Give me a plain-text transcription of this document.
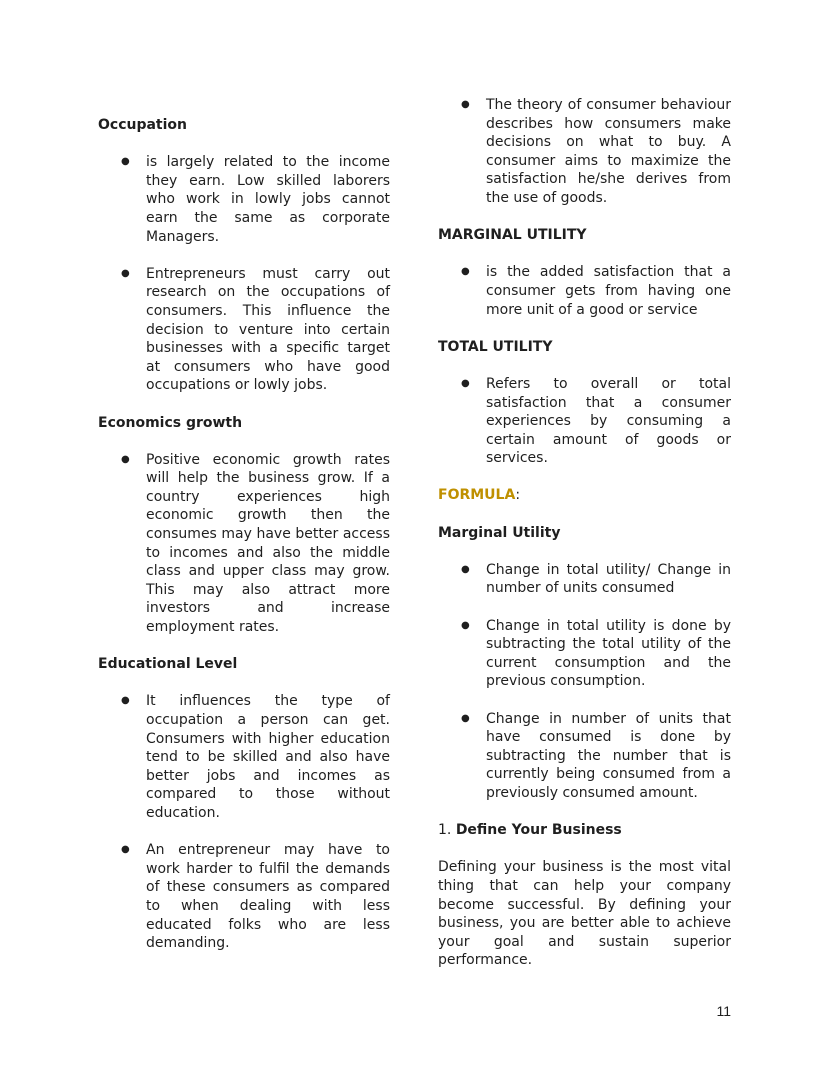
Occupation

● is largely related to the income they earn. Low skilled laborers who work in lowly jobs cannot earn the same as corporate Managers.
● Entrepreneurs must carry out research on the occupations of consumers. This influence the decision to venture into certain businesses with a specific target at consumers who have good occupations or lowly jobs.

Economics growth

● Positive economic growth rates will help the business grow. If a country experiences high economic growth then the consumes may have better access to incomes and also the middle class and upper class may grow. This may also attract more investors and increase employment rates.

Educational Level

● It influences the type of occupation a person can get. Consumers with higher education tend to be skilled and also have better jobs and incomes as compared to those without education.
● An entrepreneur may have to work harder to fulfil the demands of these consumers as compared to when dealing with less educated folks who are less demanding.
● The theory of consumer behaviour describes how consumers make decisions on what to buy. A consumer aims to maximize the satisfaction he/she derives from the use of goods.

MARGINAL UTILITY

● is the added satisfaction that a consumer gets from having one more unit of a good or service

TOTAL UTILITY

● Refers to overall or total satisfaction that a consumer experiences by consuming a certain amount of goods or services.

FORMULA:

Marginal Utility

● Change in total utility/ Change in number of units consumed
● Change in total utility is done by subtracting the total utility of the current consumption and the previous consumption.
● Change in number of units that have consumed is done by subtracting the number that is currently being consumed from a previously consumed amount.

1. Define Your Business

Defining your business is the most vital thing that can help your company become successful. By defining your business, you are better able to achieve your goal and sustain superior performance.

11
